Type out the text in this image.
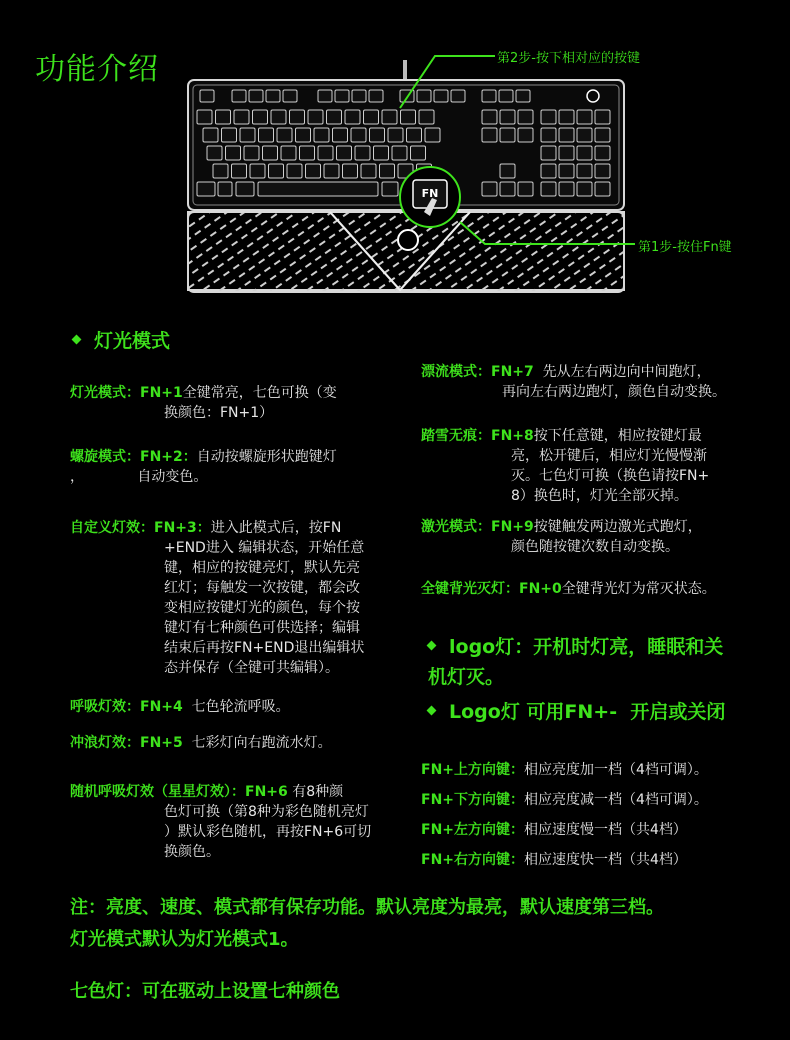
功能介绍
FN
第2步-按下相对应的按键
第1步-按住Fn键
灯光模式
灯光模式：FN+1全键常亮，七色可换（变
换颜色：FN+1）
螺旋模式：FN+2：自动按螺旋形状跑键灯
，            自动变色。
自定义灯效：FN+3：进入此模式后，按FN
+END进入 编辑状态，开始任意
键，相应的按键亮灯，默认先亮
红灯；每触发一次按键，都会改
变相应按键灯光的颜色，每个按
键灯有七种颜色可供选择；编辑
结束后再按FN+END退出编辑状
态并保存（全键可共编辑）。
呼吸灯效：FN+4 七色轮流呼吸。
冲浪灯效：FN+5 七彩灯向右跑流水灯。
随机呼吸灯效（星星灯效）：FN+6 有8种颜
色灯可换（第8种为彩色随机亮灯
）默认彩色随机，再按FN+6可切
换颜色。
漂流模式：FN+7 先从左右两边向中间跑灯，
再向左右两边跑灯，颜色自动变换。
踏雪无痕：FN+8按下任意键，相应按键灯最
亮，松开键后，相应灯光慢慢渐
灭。七色灯可换（换色请按FN+
8）换色时，灯光全部灭掉。
激光模式：FN+9按键触发两边激光式跑灯，
颜色随按键次数自动变换。
全键背光灭灯：FN+0全键背光灯为常灭状态。
logo灯：开机时灯亮，睡眠和关
机灯灭。
Logo灯 可用FN+-  开启或关闭
FN+上方向键：相应亮度加一档（4档可调）。
FN+下方向键：相应亮度减一档（4档可调）。
FN+左方向键：相应速度慢一档（共4档）
FN+右方向键：相应速度快一档（共4档）
注：亮度、速度、模式都有保存功能。默认亮度为最亮，默认速度第三档。
灯光模式默认为灯光模式1。
七色灯：可在驱动上设置七种颜色
